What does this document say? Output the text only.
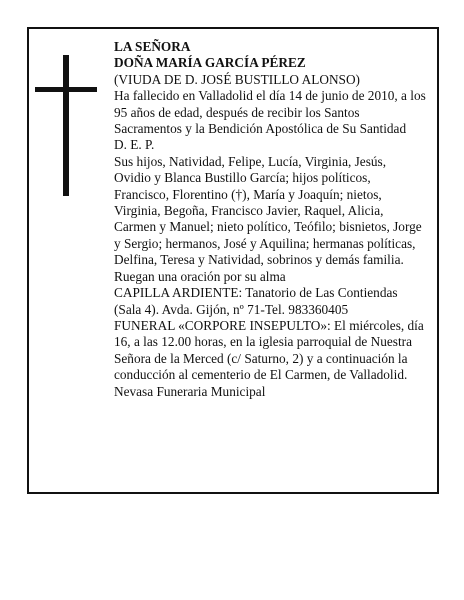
LA SEÑORA

DOÑA MARÍA GARCÍA PÉREZ

(VIUDA DE D. JOSÉ BUSTILLO ALONSO)

Ha fallecido en Valladolid el día 14 de junio de 2010, a los 95 años de edad, después de recibir los Santos Sacramentos y la Bendición Apostólica de Su Santidad

D. E. P.

Sus hijos, Natividad, Felipe, Lucía, Virginia, Jesús, Ovidio y Blanca Bustillo García; hijos políticos, Francisco, Florentino (†), María y Joaquín; nietos, Virginia, Begoña, Francisco Javier, Raquel, Alicia, Carmen y Manuel; nieto político, Teófilo; bisnietos, Jorge y Sergio; hermanos, José y Aquilina; hermanas políticas, Delfina, Teresa y Natividad, sobrinos y demás familia.

Ruegan una oración por su alma

CAPILLA ARDIENTE: Tanatorio de Las Contiendas (Sala 4). Avda. Gijón, nº 71-Tel. 983360405

FUNERAL «CORPORE INSEPULTO»: El miércoles, día 16, a las 12.00 horas, en la iglesia parroquial de Nuestra Señora de la Merced (c/ Saturno, 2) y a continuación la conducción al cementerio de El Carmen, de Valladolid.

Nevasa Funeraria Municipal
